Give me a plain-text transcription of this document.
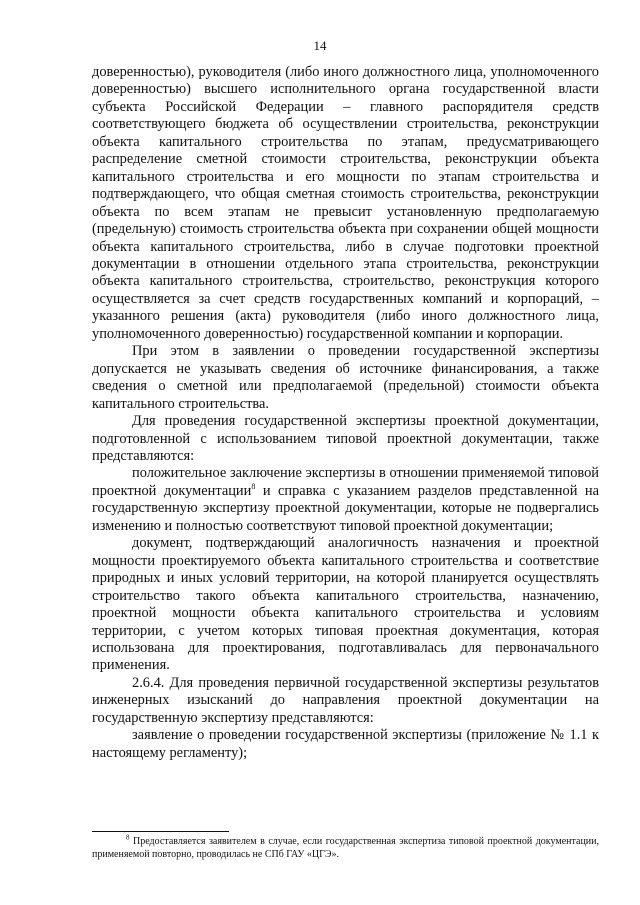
14

доверенностью), руководителя (либо иного должностного лица, уполномоченного доверенностью) высшего исполнительного органа государственной власти субъекта Российской Федерации – главного распорядителя средств соответствующего бюджета об осуществлении строительства, реконструкции объекта капитального строительства по этапам, предусматривающего распределение сметной стоимости строительства, реконструкции объекта капитального строительства и его мощности по этапам строительства и подтверждающего, что общая сметная стоимость строительства, реконструкции объекта по всем этапам не превысит установленную предполагаемую (предельную) стоимость строительства объекта при сохранении общей мощности объекта капитального строительства, либо в случае подготовки проектной документации в отношении отдельного этапа строительства, реконструкции объекта капитального строительства, строительство, реконструкция которого осуществляется за счет средств государственных компаний и корпораций, – указанного решения (акта) руководителя (либо иного должностного лица, уполномоченного доверенностью) государственной компании и корпорации.

При этом в заявлении о проведении государственной экспертизы допускается не указывать сведения об источнике финансирования, а также сведения о сметной или предполагаемой (предельной) стоимости объекта капитального строительства.

Для проведения государственной экспертизы проектной документации, подготовленной с использованием типовой проектной документации, также представляются:

положительное заключение экспертизы в отношении применяемой типовой проектной документации$^8$ и справка с указанием разделов представленной на государственную экспертизу проектной документации, которые не подвергались изменению и полностью соответствуют типовой проектной документации;

документ, подтверждающий аналогичность назначения и проектной мощности проектируемого объекта капитального строительства и соответствие природных и иных условий территории, на которой планируется осуществлять строительство такого объекта капитального строительства, назначению, проектной мощности объекта капитального строительства и условиям территории, с учетом которых типовая проектная документация, которая использована для проектирования, подготавливалась для первоначального применения.

2.6.4. Для проведения первичной государственной экспертизы результатов инженерных изысканий до направления проектной документации на государственную экспертизу представляются:

заявление о проведении государственной экспертизы (приложение № 1.1 к настоящему регламенту);

$^8$ Предоставляется заявителем в случае, если государственная экспертиза типовой проектной документации, применяемой повторно, проводилась не СПб ГАУ «ЦГЭ».
